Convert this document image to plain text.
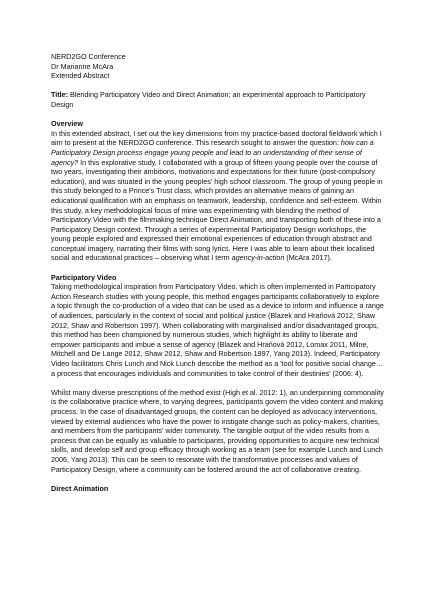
NERD2GO Conference

Dr Marianne McAra

Extended Abstract

Title: Blending Participatory Video and Direct Animation; an experimental approach to Participatory Design

Overview

In this extended abstract, I set out the key dimensions from my practice-based doctoral fieldwork which I aim to present at the NERD2GO conference. This research sought to answer the question: how can a Participatory Design process engage young people and lead to an understanding of their sense of agency? In this explorative study, I collaborated with a group of fifteen young people over the course of two years, investigating their ambitions, motivations and expectations for their future (post-compulsory education), and was situated in the young peoples' high school classroom. The group of young people in this study belonged to a Prince's Trust class, which provides an alternative means of gaining an educational qualification with an emphasis on teamwork, leadership, confidence and self-esteem. Within this study, a key methodological focus of mine was experimenting with blending the method of Participatory Video with the filmmaking technique Direct Animation, and transporting both of these into a Participatory Design context. Through a series of experimental Participatory Design workshops, the young people explored and expressed their emotional experiences of education through abstract and conceptual imagery, narrating their films with song lyrics. Here I was able to learn about their localised social and educational practices – observing what I term agency-in-action (McAra 2017).

Participatory Video

Taking methodological inspiration from Participatory Video, which is often implemented in Participatory Action Research studies with young people, this method engages participants collaboratively to explore a topic through the co-production of a video that can be used as a device to inform and influence a range of audiences, particularly in the context of social and political justice (Blazek and Hraňová 2012, Shaw 2012, Shaw and Robertson 1997). When collaborating with marginalised and/or disadvantaged groups, this method has been championed by numerous studies, which highlight its ability to liberate and empower participants and imbue a sense of agency (Blazek and Hraňová 2012, Lomax 2011, Milne, Mitchell and De Lange 2012, Shaw 2012, Shaw and Robertson 1997, Yang 2013). Indeed, Participatory Video facilitators Chris Lunch and Nick Lunch describe the method as a 'tool for positive social change… a process that encourages individuals and communities to take control of their destinies' (2006: 4).

Whilst many diverse prescriptions of the method exist (High et al. 2012: 1), an underpinning commonality is the collaborative practice where, to varying degrees, participants govern the video content and making process. In the case of disadvantaged groups, the content can be deployed as advocacy interventions, viewed by external audiences who have the power to instigate change such as policy-makers, charities, and members from the participants' wider community. The tangible output of the video results from a process that can be equally as valuable to participants, providing opportunities to acquire new technical skills, and develop self and group efficacy through working as a team (see for example Lunch and Lunch 2006, Yang 2013). This can be seen to resonate with the transformative processes and values of Participatory Design, where a community can be fostered around the act of collaborative creating.

Direct Animation
